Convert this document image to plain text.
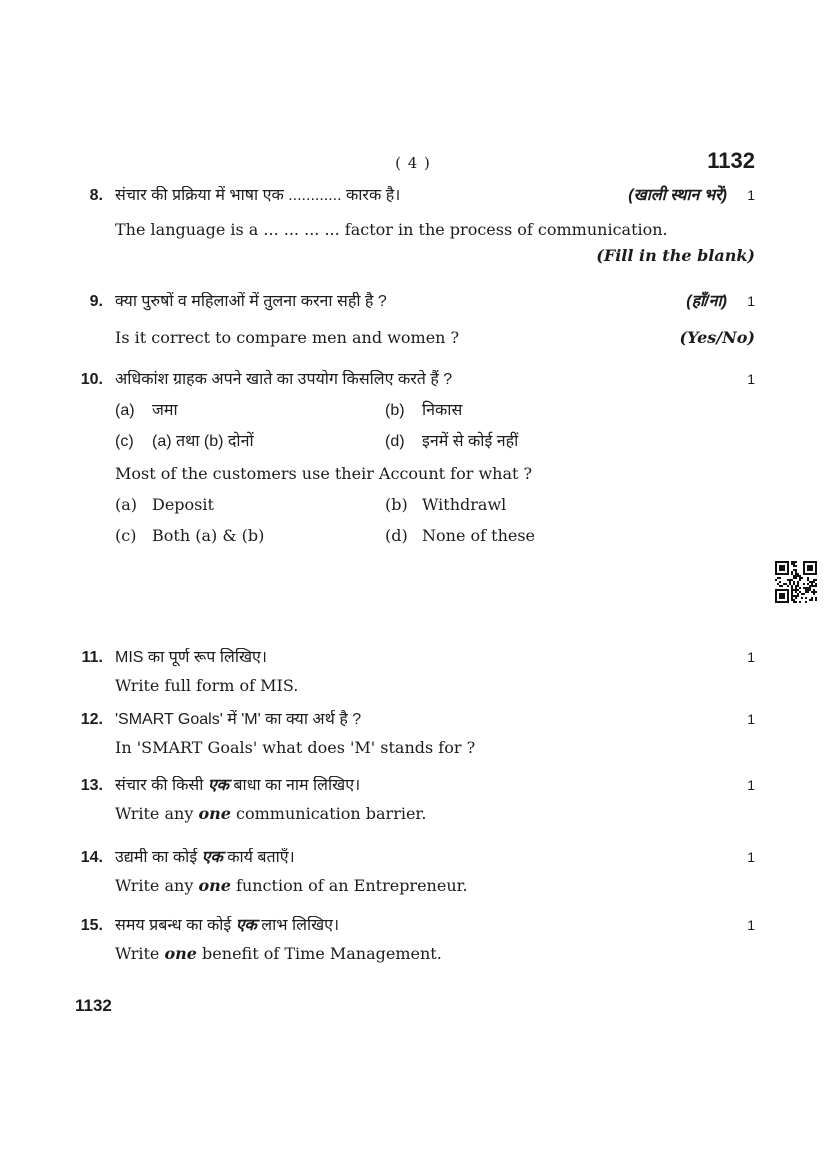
( 4 )	1132
8. संचार की प्रक्रिया में भाषा एक ............ कारक है।	(खाली स्थान भरें)	1
The language is a ... ... ... ... factor in the process of communication.
(Fill in the blank)
9. क्या पुरुषों व महिलाओं में तुलना करना सही है ?	(हाँ/ना)	1
Is it correct to compare men and women ?	(Yes/No)
10. अधिकांश ग्राहक अपने खाते का उपयोग किसलिए करते हैं ?	1
(a)	जमा	(b)	निकास
(c)	(a) तथा (b) दोनों	(d)	इनमें से कोई नहीं
Most of the customers use their Account for what ?
(a) Deposit	(b) Withdrawl
(c) Both (a) & (b)	(d) None of these
11. MIS का पूर्ण रूप लिखिए।	1
Write full form of MIS.
12. 'SMART Goals' में 'M' का क्या अर्थ है ?	1
In 'SMART Goals' what does 'M' stands for ?
13. संचार की किसी एक बाधा का नाम लिखिए।	1
Write any one communication barrier.
14. उद्यमी का कोई एक कार्य बताएँ।	1
Write any one function of an Entrepreneur.
15. समय प्रबन्ध का कोई एक लाभ लिखिए।	1
Write one benefit of Time Management.
1132
